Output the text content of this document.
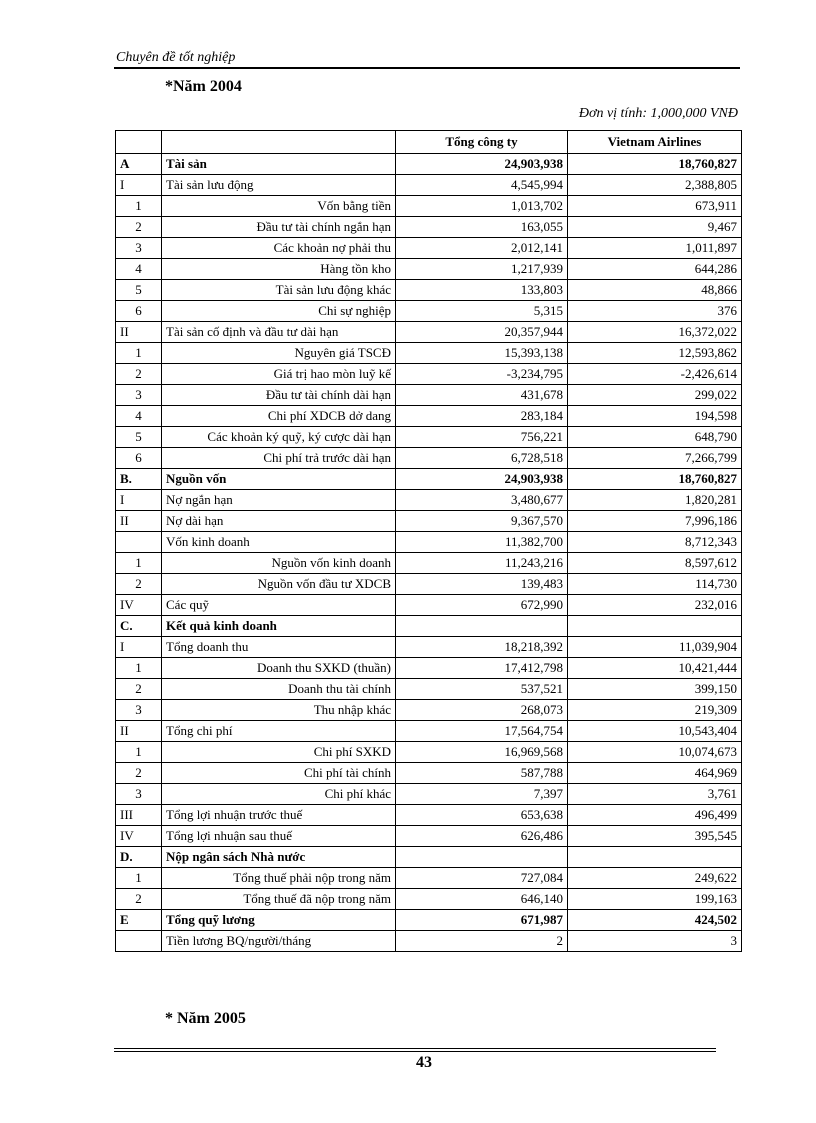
Chuyên đề tốt nghiệp
*Năm 2004
Đơn vị tính: 1,000,000 VNĐ
		Tổng công ty	Vietnam Airlines
A	Tài sản	24,903,938	18,760,827
I	Tài sản lưu động	4,545,994	2,388,805
1	Vốn bằng tiền	1,013,702	673,911
2	Đầu tư tài chính ngắn hạn	163,055	9,467
3	Các khoản nợ phải thu	2,012,141	1,011,897
4	Hàng tồn kho	1,217,939	644,286
5	Tài sản lưu động khác	133,803	48,866
6	Chi sự nghiệp	5,315	376
II	Tài sản cố định và đầu tư dài hạn	20,357,944	16,372,022
1	Nguyên giá TSCĐ	15,393,138	12,593,862
2	Giá trị hao mòn luỹ kế	-3,234,795	-2,426,614
3	Đầu tư tài chính dài hạn	431,678	299,022
4	Chi phí XDCB dở dang	283,184	194,598
5	Các khoản ký quỹ, ký cược dài hạn	756,221	648,790
6	Chi phí trả trước dài hạn	6,728,518	7,266,799
B.	Nguồn vốn	24,903,938	18,760,827
I	Nợ ngắn hạn	3,480,677	1,820,281
II	Nợ dài hạn	9,367,570	7,996,186
	Vốn kinh doanh	11,382,700	8,712,343
1	Nguồn vốn kinh doanh	11,243,216	8,597,612
2	Nguồn vốn đầu tư XDCB	139,483	114,730
IV	Các quỹ	672,990	232,016
C.	Kết quả kinh doanh		
I	Tổng doanh thu	18,218,392	11,039,904
1	Doanh thu SXKD (thuần)	17,412,798	10,421,444
2	Doanh thu tài chính	537,521	399,150
3	Thu nhập khác	268,073	219,309
II	Tổng chi phí	17,564,754	10,543,404
1	Chi phí SXKD	16,969,568	10,074,673
2	Chi phí tài chính	587,788	464,969
3	Chi phí khác	7,397	3,761
III	Tổng lợi nhuận trước thuế	653,638	496,499
IV	Tổng lợi nhuận sau thuế	626,486	395,545
D.	Nộp ngân sách Nhà nước		
1	Tổng thuế phải nộp trong năm	727,084	249,622
2	Tổng thuế đã nộp trong năm	646,140	199,163
E	Tổng quỹ lương	671,987	424,502
	Tiền lương BQ/người/tháng	2	3
* Năm 2005
43
